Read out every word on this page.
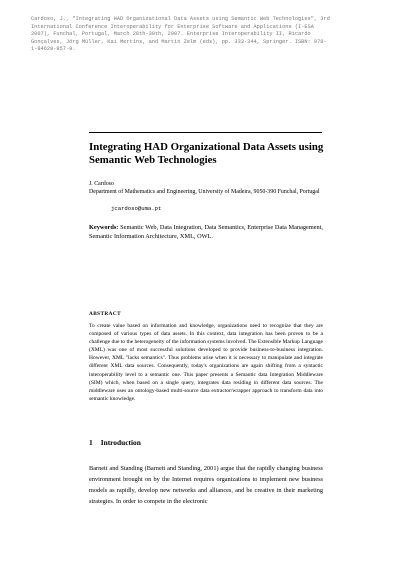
Cardoso, J., "Integrating HAD Organizational Data Assets using Semantic Web Technologies", 3rd International Conference Interoperability for Enterprise Software and Applications (I-ESA 2007), Funchal, Portugal, March 28th-30th, 2007. Enterprise Interoperability II, Ricardo Gonçalves, Jörg Müller, Kai Mertins, and Martin Zelm (eds), pp. 333-344, Springer. ISBN: 978-1-84628-857-9.

Integrating HAD Organizational Data Assets using Semantic Web Technologies

J. Cardoso

Department of Mathematics and Engineering, University of Madeira, 9050-390 Funchal, Portugal

jcardoso@uma.pt

Keywords: Semantic Web, Data Integration, Data Semantics, Enterprise Data Management, Semantic Information Architecture, XML, OWL.

ABSTRACT

To create value based on information and knowledge, organizations need to recognize that they are composed of various types of data assets. In this context, data integration has been proven to be a challenge due to the heterogeneity of the information systems involved. The Extensible Markup Language (XML) was one of most successful solutions developed to provide business-to-business integration. However, XML "lacks semantics". Thus problems arise when it is necessary to manipulate and integrate different XML data sources. Consequently, today's organizations are again shifting from a syntactic interoperability level to a semantic one. This paper presents a Semantic data Integration Middleware (SIM) which, when based on a single query, integrates data residing in different data sources. The middleware uses an ontology-based multi-source data extractor/wrapper approach to transform data into semantic knowledge.

1 Introduction

Barnett and Standing (Barnett and Standing, 2001) argue that the rapidly changing business environment brought on by the Internet requires organizations to implement new business models as rapidly, develop new networks and alliances, and be creative in their marketing strategies. In order to compete in the electronic
